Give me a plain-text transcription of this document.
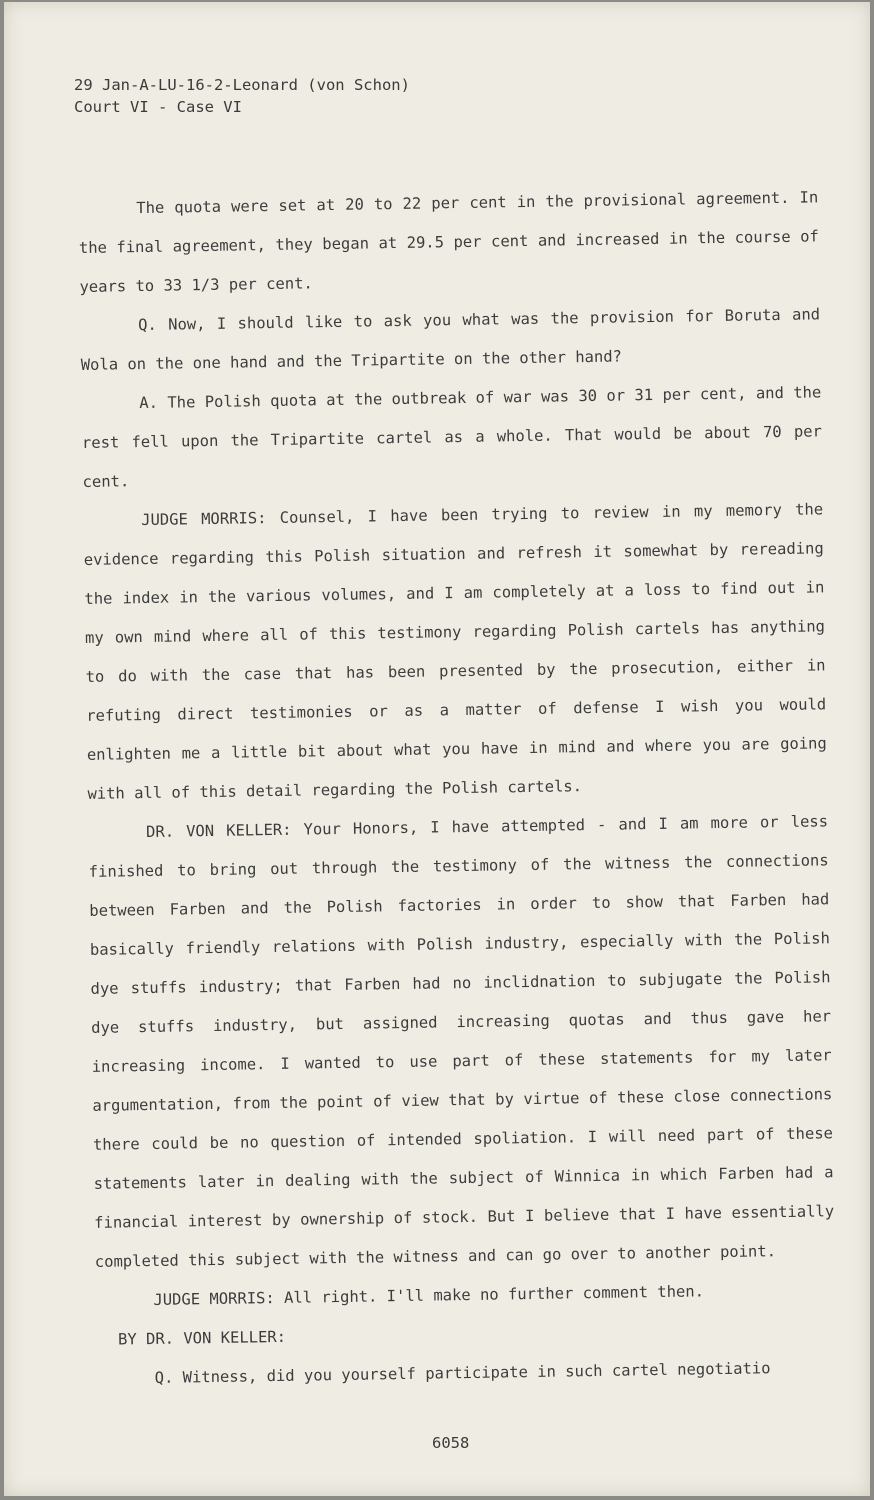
29 Jan-A-LU-16-2-Leonard (von Schon)
Court VI - Case VI

The quota were set at 20 to 22 per cent in the provisional agreement. In the final agreement, they began at 29.5 per cent and increased in the course of years to 33 1/3 per cent.

Q. Now, I should like to ask you what was the provision for Boruta and Wola on the one hand and the Tripartite on the other hand?

A. The Polish quota at the outbreak of war was 30 or 31 per cent, and the rest fell upon the Tripartite cartel as a whole. That would be about 70 per cent.

JUDGE MORRIS: Counsel, I have been trying to review in my memory the evidence regarding this Polish situation and refresh it somewhat by rereading the index in the various volumes, and I am completely at a loss to find out in my own mind where all of this testimony regarding Polish cartels has anything to do with the case that has been presented by the prosecution, either in refuting direct testimonies or as a matter of defense I wish you would enlighten me a little bit about what you have in mind and where you are going with all of this detail regarding the Polish cartels.

DR. VON KELLER: Your Honors, I have attempted - and I am more or less finished to bring out through the testimony of the witness the connections between Farben and the Polish factories in order to show that Farben had basically friendly relations with Polish industry, especially with the Polish dye stuffs industry; that Farben had no inclidnation to subjugate the Polish dye stuffs industry, but assigned increasing quotas and thus gave her increasing income. I wanted to use part of these statements for my later argumentation, from the point of view that by virtue of these close connections there could be no question of intended spoliation. I will need part of these statements later in dealing with the subject of Winnica in which Farben had a financial interest by ownership of stock. But I believe that I have essentially completed this subject with the witness and can go over to another point.

JUDGE MORRIS: All right. I'll make no further comment then.

BY DR. VON KELLER:

Q. Witness, did you yourself participate in such cartel negotiatio

6058
